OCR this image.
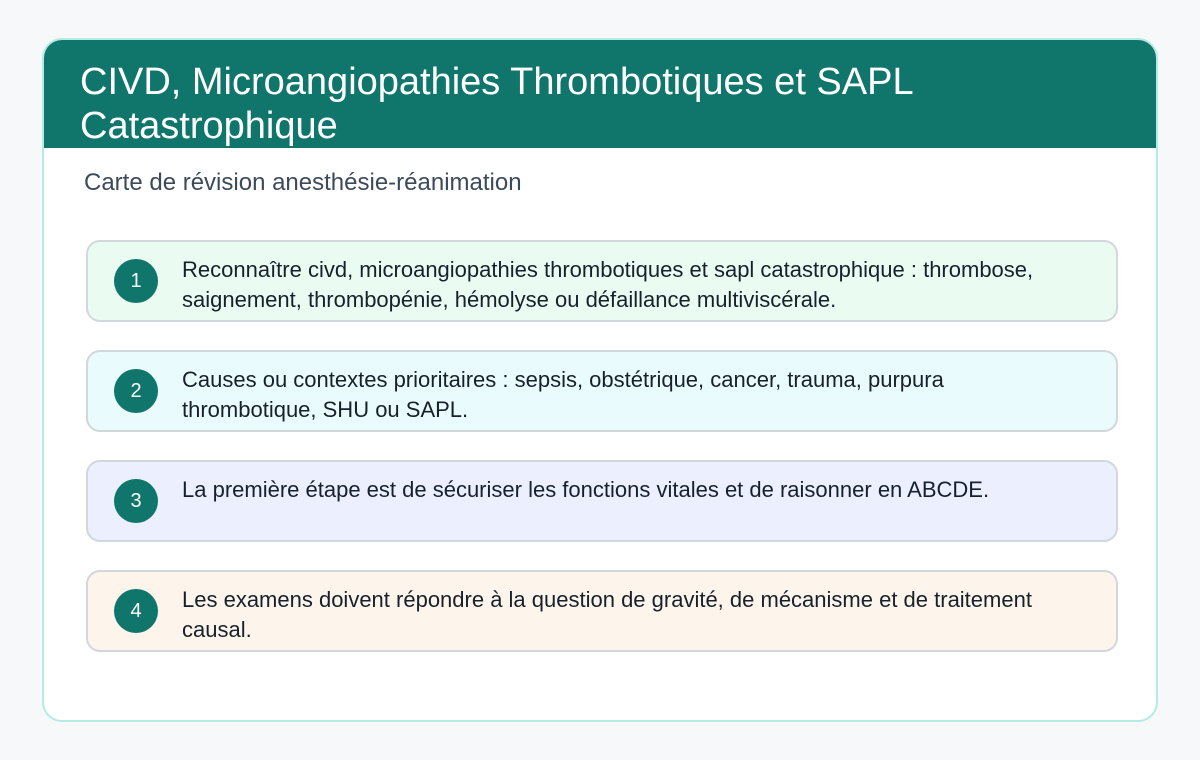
CIVD, Microangiopathies Thrombotiques et SAPL Catastrophique

Carte de révision anesthésie-réanimation

1	Reconnaître civd, microangiopathies thrombotiques et sapl catastrophique : thrombose, saignement, thrombopénie, hémolyse ou défaillance multiviscérale.

2	Causes ou contextes prioritaires : sepsis, obstétrique, cancer, trauma, purpura thrombotique, SHU ou SAPL.

3	La première étape est de sécuriser les fonctions vitales et de raisonner en ABCDE.

4	Les examens doivent répondre à la question de gravité, de mécanisme et de traitement causal.
